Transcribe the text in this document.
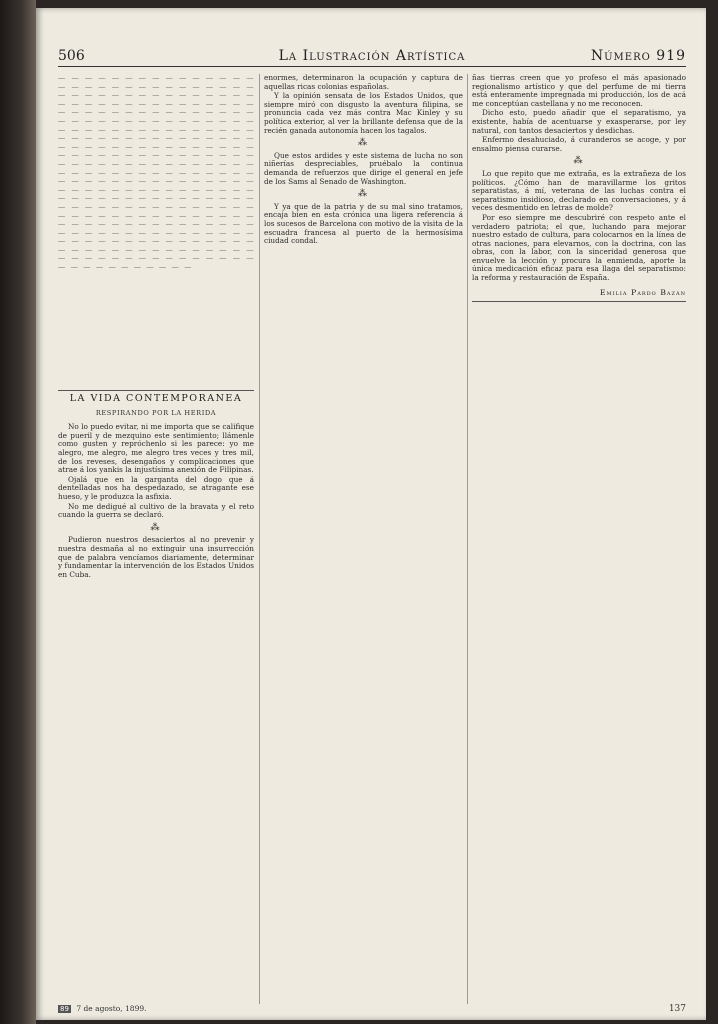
506	La Ilustración Artística	Número 919
— — — — — — — — — — — — — — — — — — — — — — — — — — — — — — — — — — — — — — — — — — — — — — — — — — — — — — — — — — — — — — — — — — — — — — — — — — — — — — — — — — — — — — — — — — — — — — — — — — — — — — — — — — — — — — — — — — — — — — — — — — — — — — — — — — — — — — — — — — — — — — — — — — — — — — — — — — — — — — — — — — — — — — — — — — — — — — — — — — — — — — — — — — — — — — — — — — — — — — — — — — — — — — — — — — — — — — — — — — — — — — — — — — — — — — — — — — — — — — — — — — — — — — — — — — — — — — — — — — — — — — — — — — — — — — — — — — — — — — — — — — — — — — — — — — — — — — — — — — — — — — — — — — — — — — — — — — — — — — — — — — — — — — — — — — — — — — — — — — — — —
LA VIDA CONTEMPORANEA
RESPIRANDO POR LA HERIDA

No lo puedo evitar, ni me importa que se califique de pueril y de mezquino este sentimiento; llámenle como gusten y repróchenlo si les parece: yo me alegro, me alegro, me alegro tres veces y tres mil, de los reveses, desengaños y complicaciones que atrae á los yankis la injustísima anexión de Filipinas.

Ojalá que en la garganta del dogo que á dentelladas nos ha despedazado, se atragante ese hueso, y le produzca la asfixia.

No me dedigué al cultivo de la bravata y el reto cuando la guerra se declaró.

⁂

Pudieron nuestros desaciertos al no prevenir y nuestra desmaña al no extinguir una insurrección que de palabra vencíamos diariamente, determinar y fundamentar la intervención de los Estados Unidos en Cuba.

enormes, determinaron la ocupación y captura de aquellas ricas colonias españolas.

Y la opinión sensata de los Estados Unidos, que siempre miró con disgusto la aventura filipina, se pronuncia cada vez más contra Mac Kinley y su política exterior, al ver la brillante defensa que de la recién ganada autonomía hacen los tagalos.

⁂

Que estos ardides y este sistema de lucha no son niñerías despreciables, pruébalo la continua demanda de refuerzos que dirige el general en jefe de los Sams al Senado de Washington.

⁂

Y ya que de la patria y de su mal sino tratamos, encaja bien en esta crónica una ligera referencia á los sucesos de Barcelona con motivo de la visita de la escuadra francesa al puerto de la hermosísima ciudad condal.

ñas tierras creen que yo profeso el más apasionado regionalismo artístico y que del perfume de mi tierra está enteramente impregnada mi producción, los de acá me conceptúan castellana y no me reconocen.

Dicho esto, puedo añadir que el separatismo, ya existente, había de acentuarse y exasperarse, por ley natural, con tantos desaciertos y desdichas.

Enfermo desahuciado, á curanderos se acoge, y por ensalmo piensa curarse.

⁂

Lo que repito que me extraña, es la extrañeza de los políticos. ¿Cómo han de maravillarme los gritos separatistas, á mí, veterana de las luchas contra el separatismo insidioso, declarado en conversaciones, y á veces desmentido en letras de molde?

Por eso siempre me descubriré con respeto ante el verdadero patriota; el que, luchando para mejorar nuestro estado de cultura, para colocarnos en la línea de otras naciones, para elevarnos, con la doctrina, con las obras, con la labor, con la sinceridad generosa que envuelve la lección y procura la enmienda, aporte la única medicación eficaz para esa llaga del separatismo: la reforma y restauración de España.

Emilia Pardo Bazán
89 7 de agosto, 1899.	137
